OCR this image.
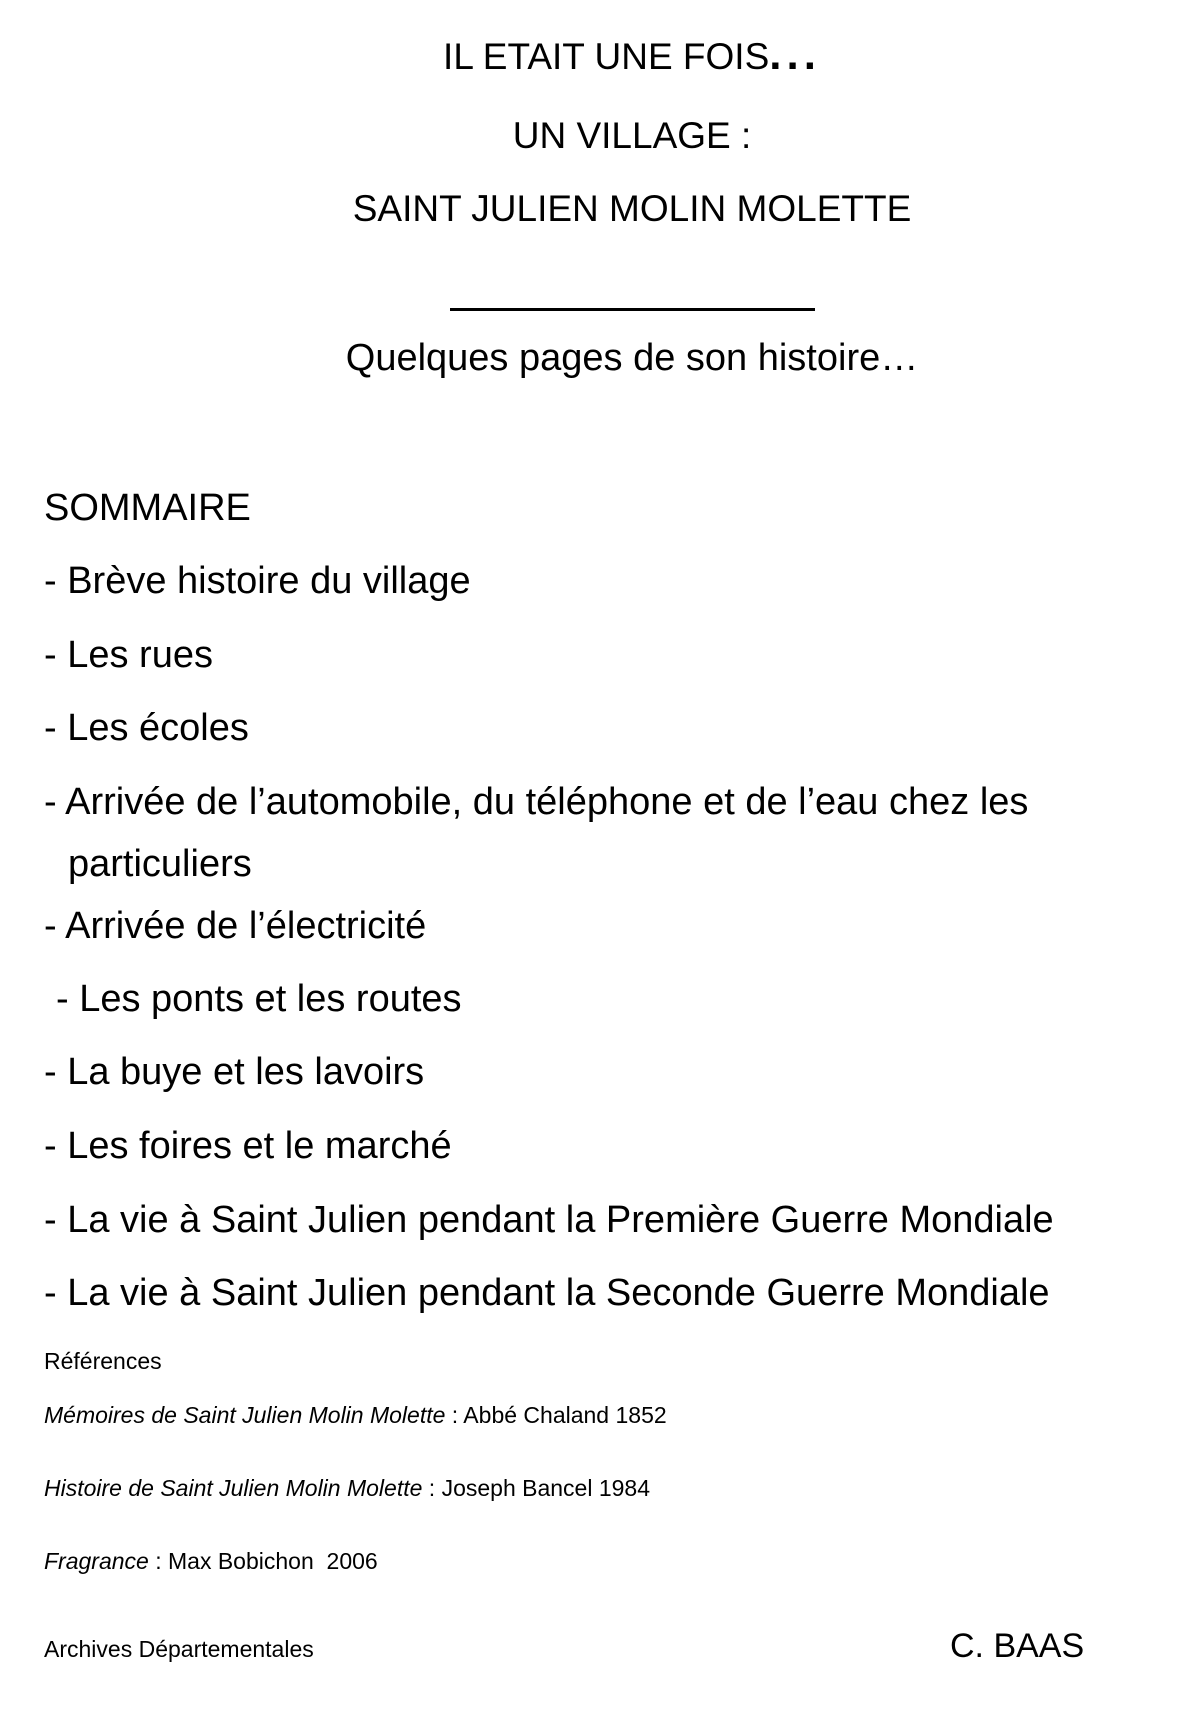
IL ETAIT UNE FOIS...
UN VILLAGE :
SAINT JULIEN MOLIN MOLETTE
Quelques pages de son histoire…
SOMMAIRE
- Brève histoire du village
- Les rues
- Les écoles
- Arrivée de l’automobile, du téléphone et de l’eau chez les
particuliers
- Arrivée de l’électricité
- Les ponts et les routes
- La buye et les lavoirs
- Les foires et le marché
- La vie à Saint Julien pendant la Première Guerre Mondiale
- La vie à Saint Julien pendant la Seconde Guerre Mondiale
Références
Mémoires de Saint Julien Molin Molette : Abbé Chaland 1852
Histoire de Saint Julien Molin Molette : Joseph Bancel 1984
Fragrance : Max Bobichon  2006
Archives Départementales	C. BAAS
